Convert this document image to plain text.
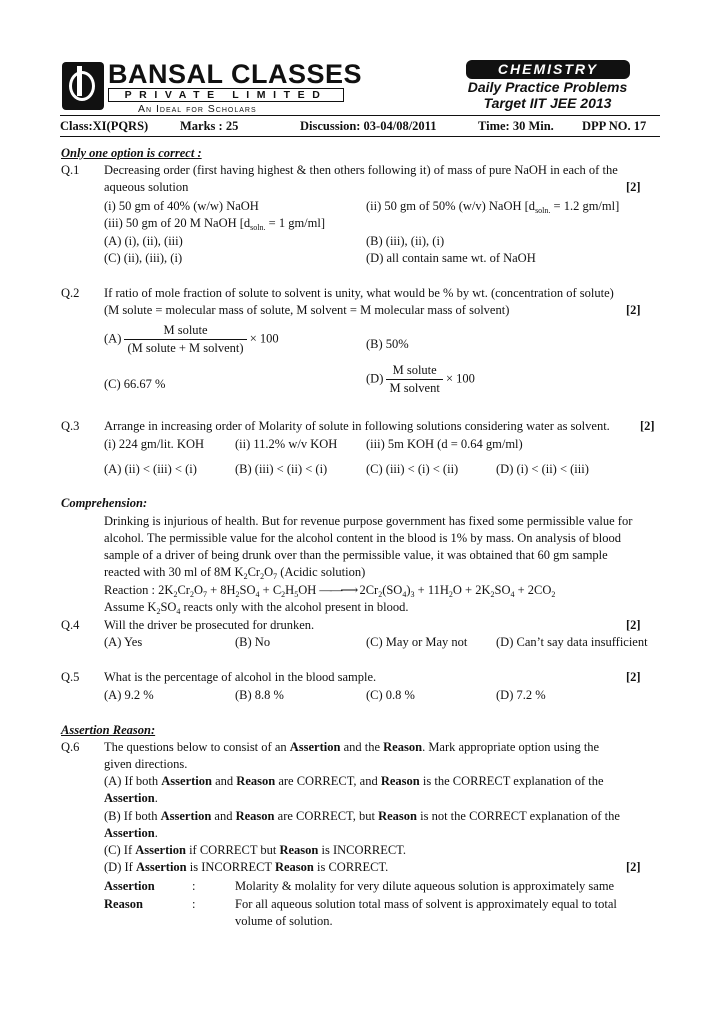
BANSAL CLASSES
PRIVATE LIMITED
An Ideal for Scholars
CHEMISTRY
Daily Practice Problems
Target IIT JEE 2013
Class:XI(PQRS)	Marks : 25	Discussion: 03-04/08/2011	Time: 30 Min. DPP NO. 17
Only one option is correct :
Q.1 Decreasing order (first having highest & then others following it) of mass of pure NaOH in each of the
aqueous solution	[2]
(i) 50 gm of 40% (w/w) NaOH	(ii) 50 gm of 50% (w/v) NaOH [$d_{soln.} = 1.2$ gm/ml]
(iii) 50 gm of 20 M NaOH [$d_{soln.} = 1$ gm/ml]
(A) (i), (ii), (iii)	(B) (iii), (ii), (i)
(C) (ii), (iii), (i)	(D) all contain same wt. of NaOH
Q.2 If ratio of mole fraction of solute to solvent is unity, what would be % by wt. (concentration of solute)
(M solute = molecular mass of solute, M solvent = M molecular mass of solvent)	[2]
$(A) \frac{\text{M solute}}{\text{(M solute + M solvent)}} \times 100$	(B) 50%
(C) 66.67 %	$(D) \frac{\text{M solute}}{\text{M solvent}} \times 100$
Q.3 Arrange in increasing order of Molarity of solute in following solutions considering water as solvent. [2]
(i) 224 gm/lit. KOH (ii) 11.2% w/v KOH (iii) 5m KOH (d = 0.64 gm/ml)
(A) (ii) < (iii) < (i)	(B) (iii) < (ii) < (i)	(C) (iii) < (i) < (ii)	(D) (i) < (ii) < (iii)
Comprehension:
Drinking is injurious of health. But for revenue purpose government has fixed some permissible value for
alcohol. The permissible value for the alcohol content in the blood is 1% by mass. On analysis of blood
sample of a driver of being drunk over than the permissible value, it was obtained that 60 gm sample
reacted with 30 ml of 8M $K_2Cr_2O_7$ (Acidic solution)
Reaction : $2K_2Cr_2O_7 + 8H_2SO_4 + C_2H_5OH$ ——⟶ $2Cr_2(SO_4)_3 + 11H_2O + 2K_2SO_4 + 2CO_2$
Assume $K_2SO_4$ reacts only with the alcohol present in blood.
Q.4 Will the driver be prosecuted for drunken.	[2]
(A) Yes	(B) No	(C) May or May not (D) Can’t say data insufficient
Q.5 What is the percentage of alcohol in the blood sample.	[2]
(A) 9.2 %	(B) 8.8 %	(C) 0.8 %	(D) 7.2 %
Assertion Reason:
Q.6 The questions below to consist of an Assertion and the Reason. Mark appropriate option using the
given directions.
(A) If both Assertion and Reason are CORRECT, and Reason is the CORRECT explanation of the
Assertion.
(B) If both Assertion and Reason are CORRECT, but Reason is not the CORRECT explanation of the
Assertion.
(C) If Assertion if CORRECT but Reason is INCORRECT.
(D) If Assertion is INCORRECT Reason is CORRECT.	[2]
Assertion	:	Molarity & molality for very dilute aqueous solution is approximately same
Reason	:	For all aqueous solution total mass of solvent is approximately equal to total
volume of solution.
